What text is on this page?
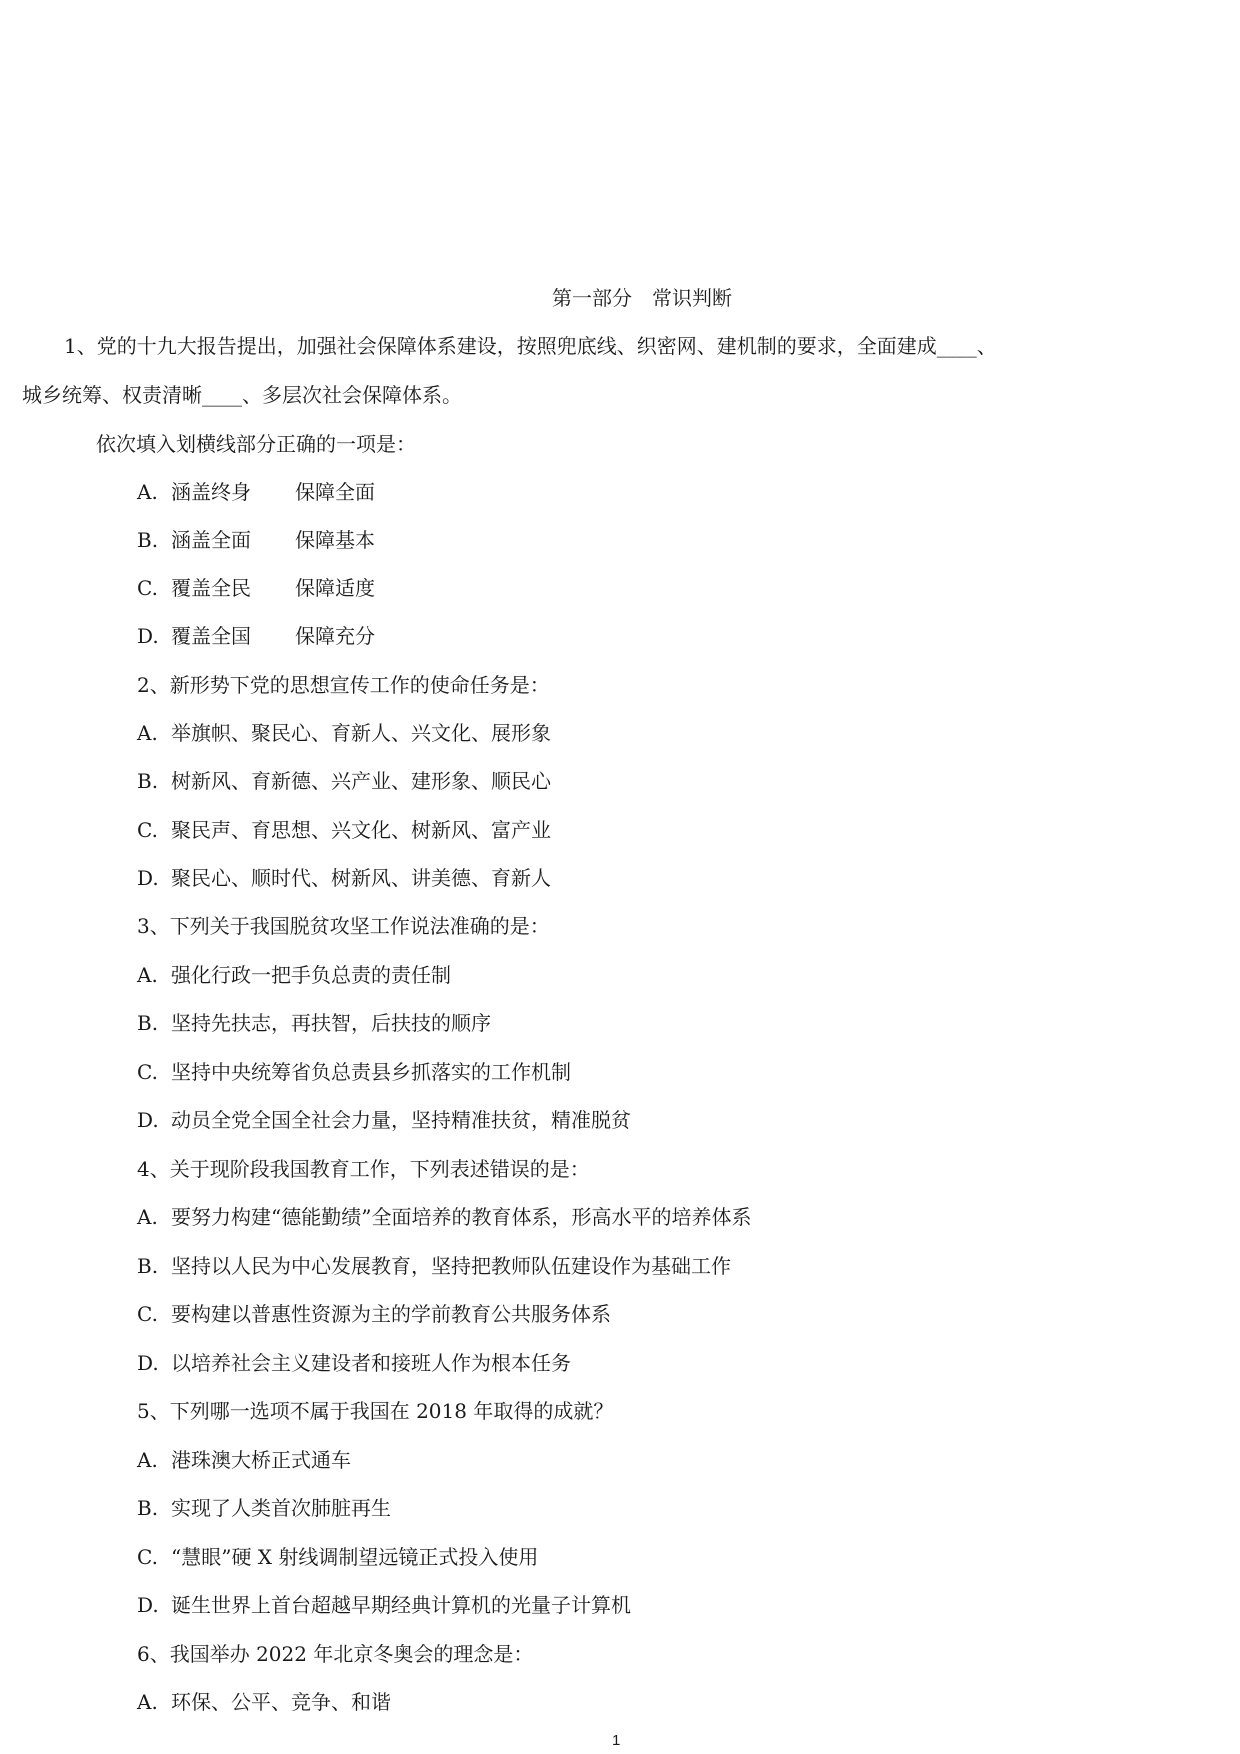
第一部分　常识判断
1、党的十九大报告提出，加强社会保障体系建设，按照兜底线、织密网、建机制的要求，全面建成____、
城乡统筹、权责清晰____、多层次社会保障体系。
依次填入划横线部分正确的一项是：
A. 涵盖终身 保障全面
B. 涵盖全面 保障基本
C. 覆盖全民 保障适度
D. 覆盖全国 保障充分
2、新形势下党的思想宣传工作的使命任务是：
A. 举旗帜、聚民心、育新人、兴文化、展形象
B. 树新风、育新德、兴产业、建形象、顺民心
C. 聚民声、育思想、兴文化、树新风、富产业
D. 聚民心、顺时代、树新风、讲美德、育新人
3、下列关于我国脱贫攻坚工作说法准确的是：
A. 强化行政一把手负总责的责任制
B. 坚持先扶志，再扶智，后扶技的顺序
C. 坚持中央统筹省负总责县乡抓落实的工作机制
D. 动员全党全国全社会力量，坚持精准扶贫，精准脱贫
4、关于现阶段我国教育工作，下列表述错误的是：
A. 要努力构建“德能勤绩”全面培养的教育体系，形高水平的培养体系
B. 坚持以人民为中心发展教育，坚持把教师队伍建设作为基础工作
C. 要构建以普惠性资源为主的学前教育公共服务体系
D. 以培养社会主义建设者和接班人作为根本任务
5、下列哪一选项不属于我国在 2018 年取得的成就？
A. 港珠澳大桥正式通车
B. 实现了人类首次肺脏再生
C. “慧眼”硬 X 射线调制望远镜正式投入使用
D. 诞生世界上首台超越早期经典计算机的光量子计算机
6、我国举办 2022 年北京冬奥会的理念是：
A. 环保、公平、竞争、和谐
1
